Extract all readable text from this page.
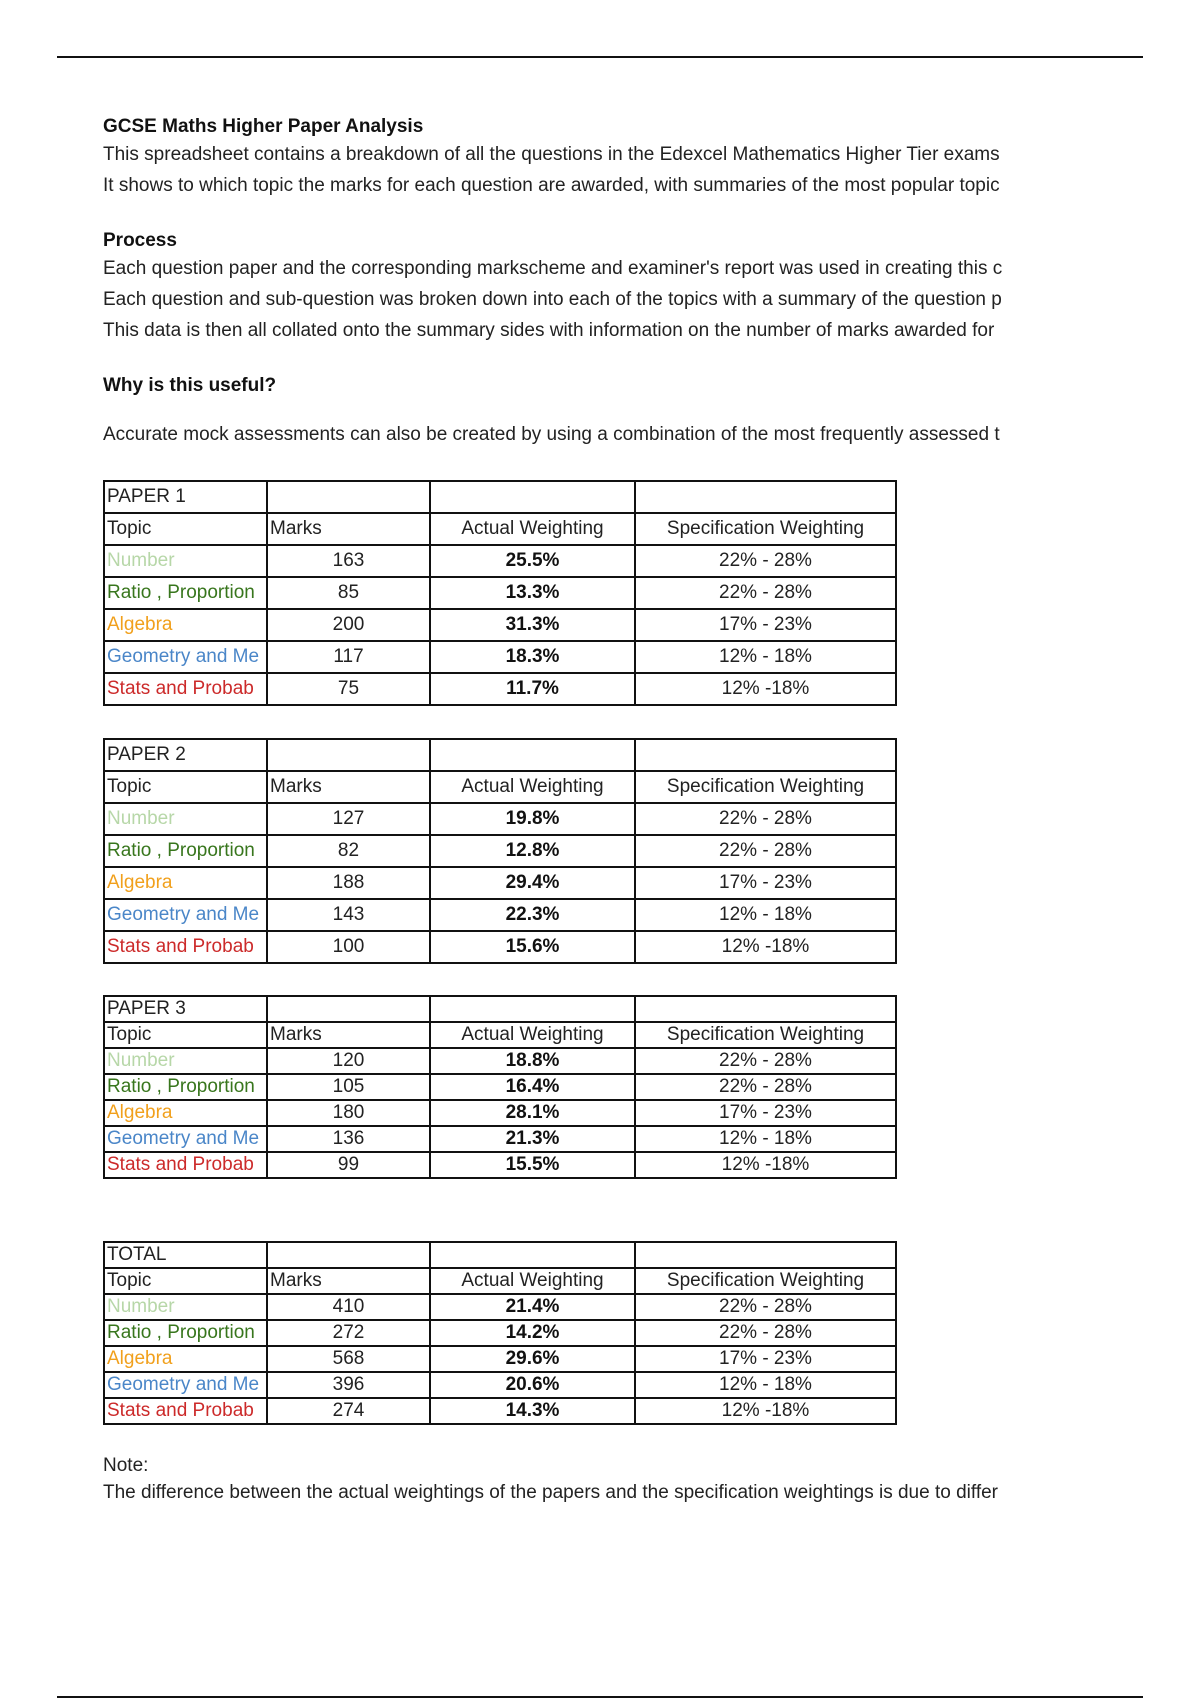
GCSE Maths Higher Paper Analysis
This spreadsheet contains a breakdown of all the questions in the Edexcel Mathematics Higher Tier exams
It shows to which topic the marks for each question are awarded, with summaries of the most popular topic
Process
Each question paper and the corresponding markscheme and examiner's report was used in creating this c
Each question and sub-question was broken down into each of the topics with a summary of the question p
This data is then all collated onto the summary sides with information on the number of marks awarded for
Why is this useful?
Accurate mock assessments can also be created by using a combination of the most frequently assessed t
PAPER 1			
Topic	Marks	Actual Weighting	Specification Weighting
Number	163	25.5%	22% - 28%
Ratio , Proportion	85	13.3%	22% - 28%
Algebra	200	31.3%	17% - 23%
Geometry and Me	117	18.3%	12% - 18%
Stats and Probab	75	11.7%	12% -18%
PAPER 2			
Topic	Marks	Actual Weighting	Specification Weighting
Number	127	19.8%	22% - 28%
Ratio , Proportion	82	12.8%	22% - 28%
Algebra	188	29.4%	17% - 23%
Geometry and Me	143	22.3%	12% - 18%
Stats and Probab	100	15.6%	12% -18%
PAPER 3			
Topic	Marks	Actual Weighting	Specification Weighting
Number	120	18.8%	22% - 28%
Ratio , Proportion	105	16.4%	22% - 28%
Algebra	180	28.1%	17% - 23%
Geometry and Me	136	21.3%	12% - 18%
Stats and Probab	99	15.5%	12% -18%
TOTAL			
Topic	Marks	Actual Weighting	Specification Weighting
Number	410	21.4%	22% - 28%
Ratio , Proportion	272	14.2%	22% - 28%
Algebra	568	29.6%	17% - 23%
Geometry and Me	396	20.6%	12% - 18%
Stats and Probab	274	14.3%	12% -18%
Note:
The difference between the actual weightings of the papers and the specification weightings is due to differ
